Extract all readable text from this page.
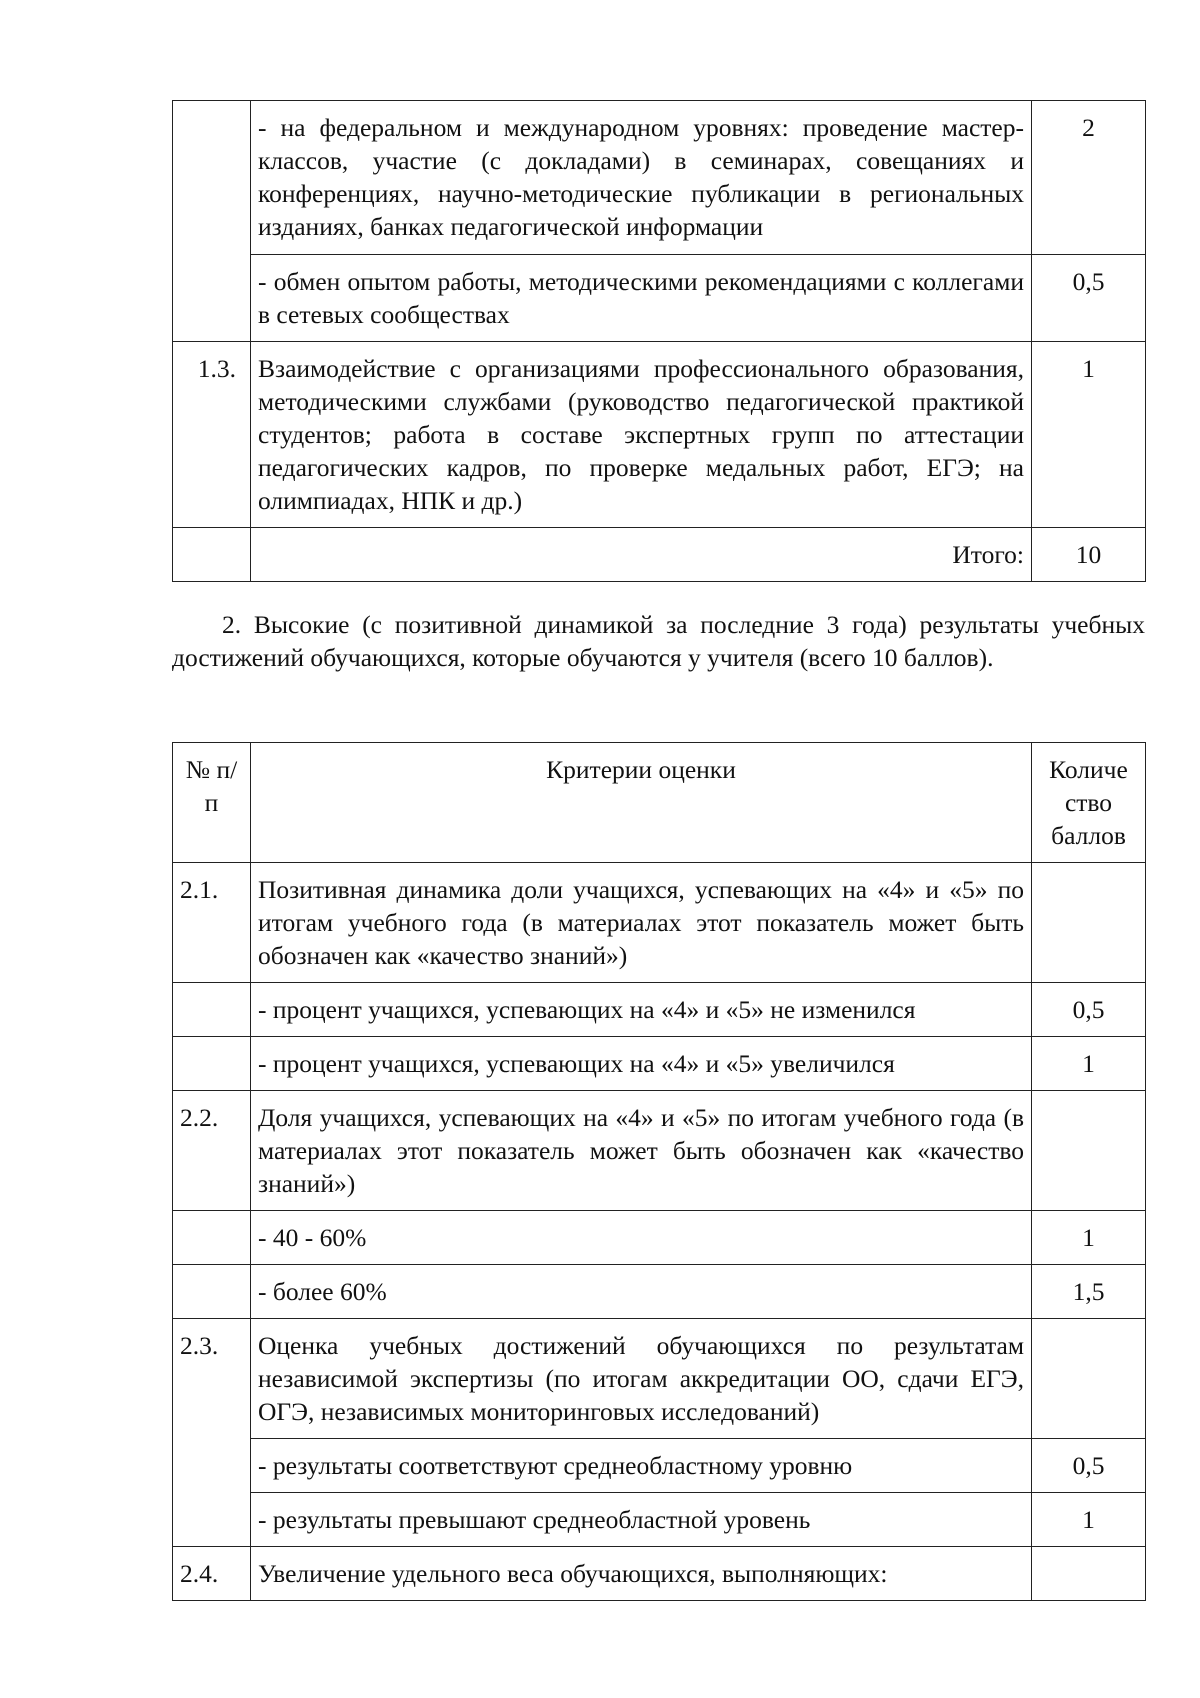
	- на федеральном и международном уровнях: проведение мастер-классов, участие (с докладами) в семинарах, совещаниях и конференциях, научно-методические публикации в региональных изданиях, банках педагогической информации	2
	- обмен опытом работы, методическими рекомендациями с коллегами в сетевых сообществах	0,5
1.3.	Взаимодействие с организациями профессионального образования, методическими службами (руководство педагогической практикой студентов; работа в составе экспертных групп по аттестации педагогических кадров, по проверке медальных работ, ЕГЭ; на олимпиадах, НПК и др.)	1
	Итого:	10
2. Высокие (с позитивной динамикой за последние 3 года) результаты учебных достижений обучающихся, которые обучаются у учителя (всего 10 баллов).
№ п/п	Критерии оценки	Количе ство баллов
2.1.	Позитивная динамика доли учащихся, успевающих на «4» и «5» по итогам учебного года (в материалах этот показатель может быть обозначен как «качество знаний»)	
	- процент учащихся, успевающих на «4» и «5» не изменился	0,5
	- процент учащихся, успевающих на «4» и «5» увеличился	1
2.2.	Доля учащихся, успевающих на «4» и «5» по итогам учебного года (в материалах этот показатель может быть обозначен как «качество знаний»)	
	- 40 - 60%	1
	- более 60%	1,5
2.3.	Оценка учебных достижений обучающихся по результатам независимой экспертизы (по итогам аккредитации ОО, сдачи ЕГЭ, ОГЭ, независимых мониторинговых исследований)	
	- результаты соответствуют среднеобластному уровню	0,5
	- результаты превышают среднеобластной уровень	1
2.4.	Увеличение удельного веса обучающихся, выполняющих:	
